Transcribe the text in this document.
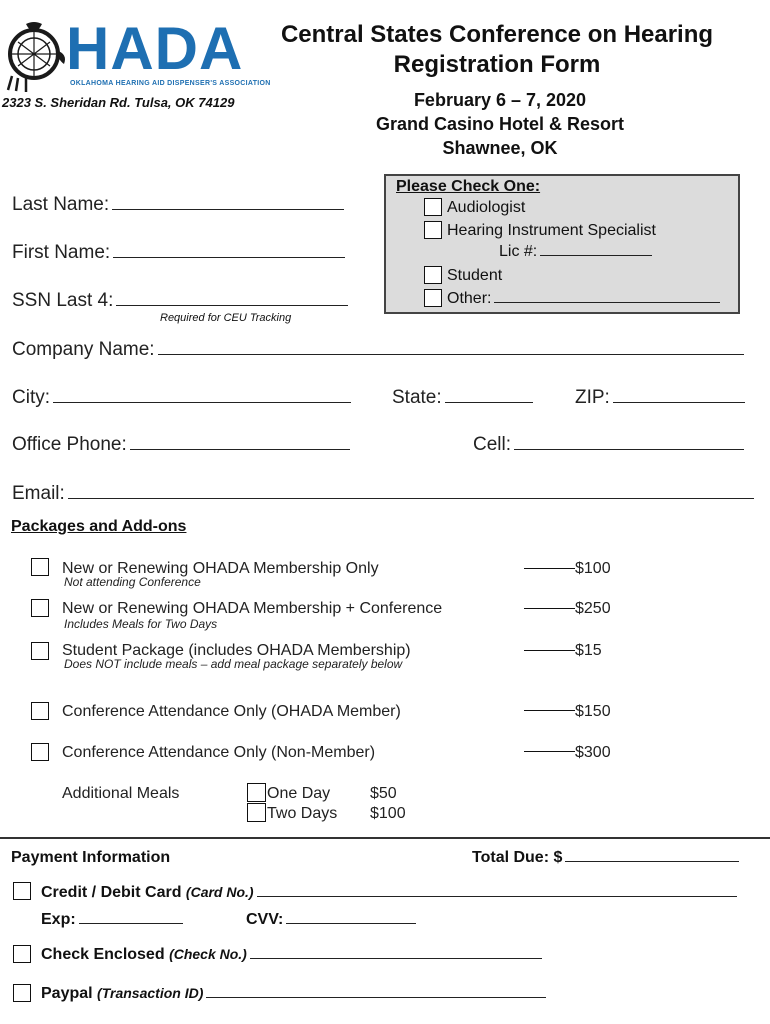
HADA
OKLAHOMA HEARING AID DISPENSER'S ASSOCIATION
2323 S. Sheridan Rd. Tulsa, OK 74129
Central States Conference on Hearing
Registration Form
February 6 – 7, 2020
Grand Casino Hotel & Resort
Shawnee, OK
Last Name:
First Name:
SSN Last 4:
Required for CEU Tracking
Please Check One:
Audiologist
Hearing Instrument Specialist
Lic #:
Student
Other:
Company Name:
City:	State:	ZIP:
Office Phone:	Cell:
Email:
Packages and Add-ons
New or Renewing OHADA Membership Only
Not attending Conference
$100
New or Renewing OHADA Membership + Conference
Includes Meals for Two Days
$250
Student Package (includes OHADA Membership)
Does NOT include meals – add meal package separately below
$15
Conference Attendance Only (OHADA Member)	$150
Conference Attendance Only (Non-Member)	$300
Additional Meals	One Day $50
Two Days $100
Payment Information	Total Due: $
Credit / Debit Card (Card No.)
Exp:	CVV:
Check Enclosed (Check No.)
Paypal (Transaction ID)
